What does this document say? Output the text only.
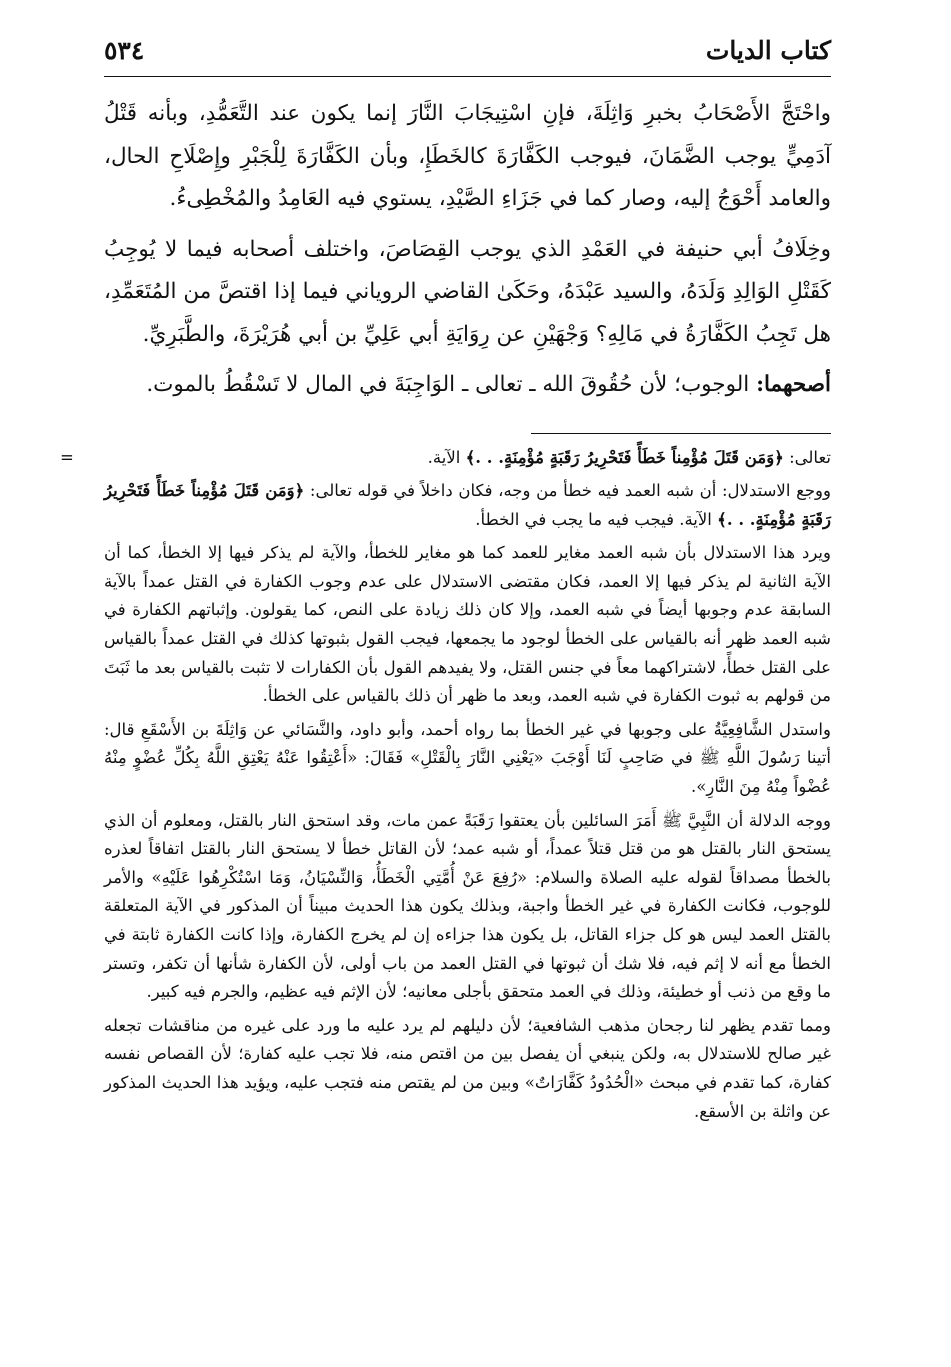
كتاب الديات
٥٣٤

واحْتَجَّ الأَصْحَابُ بخبرِ وَاثِلَةَ، فإنِ اسْتِيجَابَ النَّارَ إنما يكون عند التَّعَمُّدِ، وبأنه قَتْلُ آدَمِيٍّ يوجب الضَّمَانَ، فيوجب الكَفَّارَةَ كالخَطَإِ، وبأن الكَفَّارَةَ لِلْجَبْرِ وإِصْلَاحِ الحال، والعامد أَحْوَجُ إليه، وصار كما في جَزَاءِ الصَّيْدِ، يستوي فيه العَامِدُ والمُخْطِىءُ.

وخِلَافُ أبي حنيفة في العَمْدِ الذي يوجب القِصَاصَ، واختلف أصحابه فيما لا يُوجِبُ كَقَتْلِ الوَالِدِ وَلَدَهُ، والسيد عَبْدَهُ، وحَكَىٰ القاضي الروياني فيما إذا اقتصَّ من المُتَعَمِّدِ، هل تَجِبُ الكَفَّارَةُ في مَالِهِ؟ وَجْهَيْنِ عن رِوَايَةِ أبي عَلِيِّ بن أبي هُرَيْرَةَ، والطَّبَرِيِّ.

أصحهما: الوجوب؛ لأن حُقُوقَ الله ـ تعالى ـ الوَاجِبَةَ في المال لا تَسْقُطُ بالموت.

=	تعالى: ﴿وَمَن قَتَلَ مُؤْمِناً خَطَأً فَتَحْرِيرُ رَقَبَةٍ مُؤْمِنَةٍ. . .﴾ الآية.

ووجع الاستدلال: أن شبه العمد فيه خطأ من وجه، فكان داخلاً في قوله تعالى: ﴿وَمَن قَتَلَ مُؤْمِناً خَطَأً فَتَحْرِيرُ رَقَبَةٍ مُؤْمِنَةٍ. . .﴾ الآية. فيجب فيه ما يجب في الخطأ.

ويرد هذا الاستدلال بأن شبه العمد مغاير للعمد كما هو مغاير للخطأ، والآية لم يذكر فيها إلا الخطأ، كما أن الآية الثانية لم يذكر فيها إلا العمد، فكان مقتضى الاستدلال على عدم وجوب الكفارة في القتل عمداً بالآية السابقة عدم وجوبها أيضاً في شبه العمد، وإلا كان ذلك زيادة على النص، كما يقولون. وإثباتهم الكفارة في شبه العمد ظهر أنه بالقياس على الخطأ لوجود ما يجمعها، فيجب القول بثبوتها كذلك في القتل عمداً بالقياس على القتل خطأً، لاشتراكهما معاً في جنس القتل، ولا يفيدهم القول بأن الكفارات لا تثبت بالقياس بعد ما ثَبَتَ من قولهم به ثبوت الكفارة في شبه العمد، وبعد ما ظهر أن ذلك بالقياس على الخطأ.

واستدل الشَّافِعِيَّةُ على وجوبها في غير الخطأ بما رواه أحمد، وأبو داود، والنَّسَائي عن وَاثِلَةَ بن الأَسْقَعِ قال: أتينا رَسُولَ اللَّهِ ﷺ في صَاحِبٍ لَنَا أَوْجَبَ «يَعْنِي النَّارَ بِالْقَتْلِ» فَقَالَ: «أَعْتِقُوا عَنْهُ يَعْتِقِ اللَّهُ بِكُلِّ عُضْوٍ مِنْهُ عُضْواً مِنْهُ مِنَ النَّارِ».

ووجه الدلالة أن النَّبِيَّ ﷺ أَمَرَ السائلين بأن يعتقوا رَقَبَةً عمن مات، وقد استحق النار بالقتل، ومعلوم أن الذي يستحق النار بالقتل هو من قتل قتلاً عمداً، أو شبه عمد؛ لأن القاتل خطأ لا يستحق النار بالقتل اتفاقاً لعذره بالخطأ مصداقاً لقوله عليه الصلاة والسلام: «رُفِعَ عَنْ أُمَّتِي الْخَطَأُ، وَالنِّسْيَانُ، وَمَا اسْتُكْرِهُوا عَلَيْهِ» والأمر للوجوب، فكانت الكفارة في غير الخطأ واجبة، وبذلك يكون هذا الحديث مبيناً أن المذكور في الآية المتعلقة بالقتل العمد ليس هو كل جزاء القاتل، بل يكون هذا جزاءه إن لم يخرج الكفارة، وإذا كانت الكفارة ثابتة في الخطأ مع أنه لا إثم فيه، فلا شك أن ثبوتها في القتل العمد من باب أولى، لأن الكفارة شأنها أن تكفر، وتستر ما وقع من ذنب أو خطيئة، وذلك في العمد متحقق بأجلى معانيه؛ لأن الإثم فيه عظيم، والجرم فيه كبير.

ومما تقدم يظهر لنا رجحان مذهب الشافعية؛ لأن دليلهم لم يرد عليه ما ورد على غيره من مناقشات تجعله غير صالح للاستدلال به، ولكن ينبغي أن يفصل بين من اقتص منه، فلا تجب عليه كفارة؛ لأن القصاص نفسه كفارة، كما تقدم في مبحث «الْحُدُودُ كَفَّارَاتٌ» وبين من لم يقتص منه فتجب عليه، ويؤيد هذا الحديث المذكور عن واثلة بن الأسقع.
